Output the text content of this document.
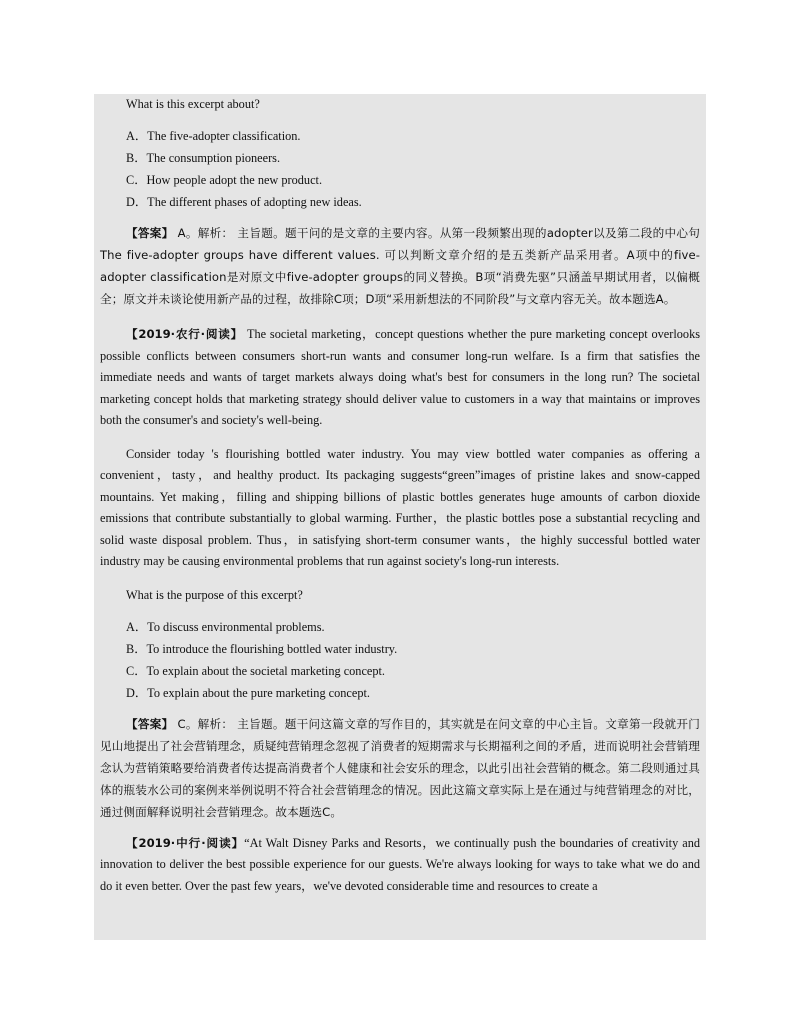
What is this excerpt about?

A．The five-adopter classification.

B．The consumption pioneers.

C．How people adopt the new product.

D．The different phases of adopting new ideas.

【答案】 A。解析： 主旨题。题干问的是文章的主要内容。从第一段频繁出现的adopter以及第二段的中心句The five-adopter groups have different values. 可以判断文章介绍的是五类新产品采用者。A项中的five-adopter classification是对原文中five-adopter groups的同义替换。B项“消费先驱”只涵盖早期试用者，以偏概全；原文并未谈论使用新产品的过程，故排除C项；D项“采用新想法的不同阶段”与文章内容无关。故本题选A。

【2019·农行·阅读】 The societal marketing，concept questions whether the pure marketing concept overlooks possible conflicts between consumers short-run wants and consumer long-run welfare. Is a firm that satisfies the immediate needs and wants of target markets always doing what's best for consumers in the long run? The societal marketing concept holds that marketing strategy should deliver value to customers in a way that maintains or improves both the consumer's and society's well-being.

Consider today 's flourishing bottled water industry. You may view bottled water companies as offering a convenient，tasty，and healthy product. Its packaging suggests“green”images of pristine lakes and snow-capped mountains. Yet making，filling and shipping billions of plastic bottles generates huge amounts of carbon dioxide emissions that contribute substantially to global warming. Further，the plastic bottles pose a substantial recycling and solid waste disposal problem. Thus，in satisfying short-term consumer wants，the highly successful bottled water industry may be causing environmental problems that run against society's long-run interests.

What is the purpose of this excerpt?

A．To discuss environmental problems.

B．To introduce the flourishing bottled water industry.

C．To explain about the societal marketing concept.

D．To explain about the pure marketing concept.

【答案】 C。解析： 主旨题。题干问这篇文章的写作目的，其实就是在问文章的中心主旨。文章第一段就开门见山地提出了社会营销理念，质疑纯营销理念忽视了消费者的短期需求与长期福利之间的矛盾，进而说明社会营销理念认为营销策略要给消费者传达提高消费者个人健康和社会安乐的理念，以此引出社会营销的概念。第二段则通过具体的瓶装水公司的案例来举例说明不符合社会营销理念的情况。因此这篇文章实际上是在通过与纯营销理念的对比，通过侧面解释说明社会营销理念。故本题选C。

【2019·中行·阅读】“At Walt Disney Parks and Resorts，we continually push the boundaries of creativity and innovation to deliver the best possible experience for our guests. We're always looking for ways to take what we do and do it even better. Over the past few years，we've devoted considerable time and resources to create a
